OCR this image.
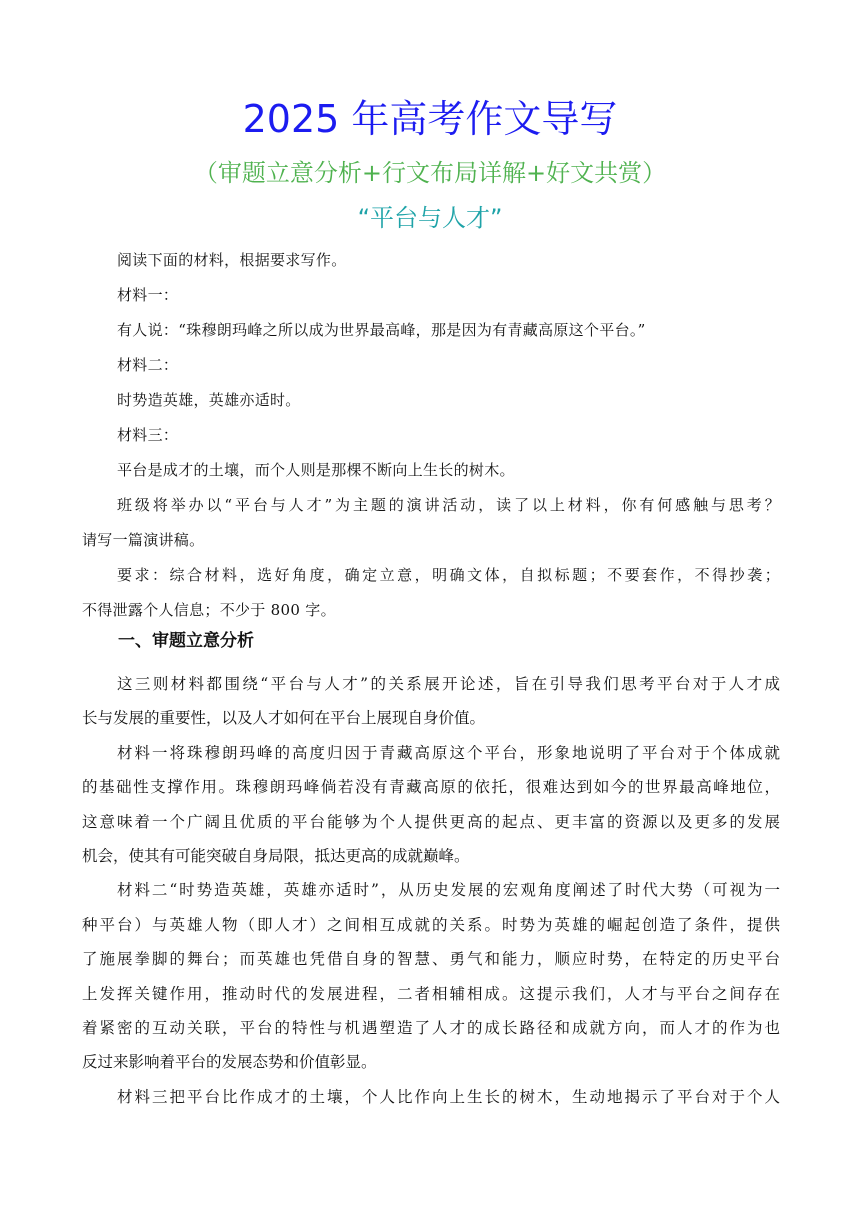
2025 年高考作文导写

（审题立意分析+行文布局详解+好文共赏）

“平台与人才”

阅读下面的材料，根据要求写作。

材料一：

有人说：“珠穆朗玛峰之所以成为世界最高峰，那是因为有青藏高原这个平台。”

材料二：

时势造英雄，英雄亦适时。

材料三：

平台是成才的土壤，而个人则是那棵不断向上生长的树木。

班级将举办以“平台与人才”为主题的演讲活动，读了以上材料，你有何感触与思考？

请写一篇演讲稿。

要求：综合材料，选好角度，确定立意，明确文体，自拟标题；不要套作，不得抄袭；

不得泄露个人信息；不少于 800 字。

一、审题立意分析

这三则材料都围绕“平台与人才”的关系展开论述，旨在引导我们思考平台对于人才成

长与发展的重要性，以及人才如何在平台上展现自身价值。

材料一将珠穆朗玛峰的高度归因于青藏高原这个平台，形象地说明了平台对于个体成就

的基础性支撑作用。珠穆朗玛峰倘若没有青藏高原的依托，很难达到如今的世界最高峰地位，

这意味着一个广阔且优质的平台能够为个人提供更高的起点、更丰富的资源以及更多的发展

机会，使其有可能突破自身局限，抵达更高的成就巅峰。

材料二“时势造英雄，英雄亦适时”，从历史发展的宏观角度阐述了时代大势（可视为一

种平台）与英雄人物（即人才）之间相互成就的关系。时势为英雄的崛起创造了条件，提供

了施展拳脚的舞台；而英雄也凭借自身的智慧、勇气和能力，顺应时势，在特定的历史平台

上发挥关键作用，推动时代的发展进程，二者相辅相成。这提示我们，人才与平台之间存在

着紧密的互动关联，平台的特性与机遇塑造了人才的成长路径和成就方向，而人才的作为也

反过来影响着平台的发展态势和价值彰显。

材料三把平台比作成才的土壤，个人比作向上生长的树木，生动地揭示了平台对于个人
